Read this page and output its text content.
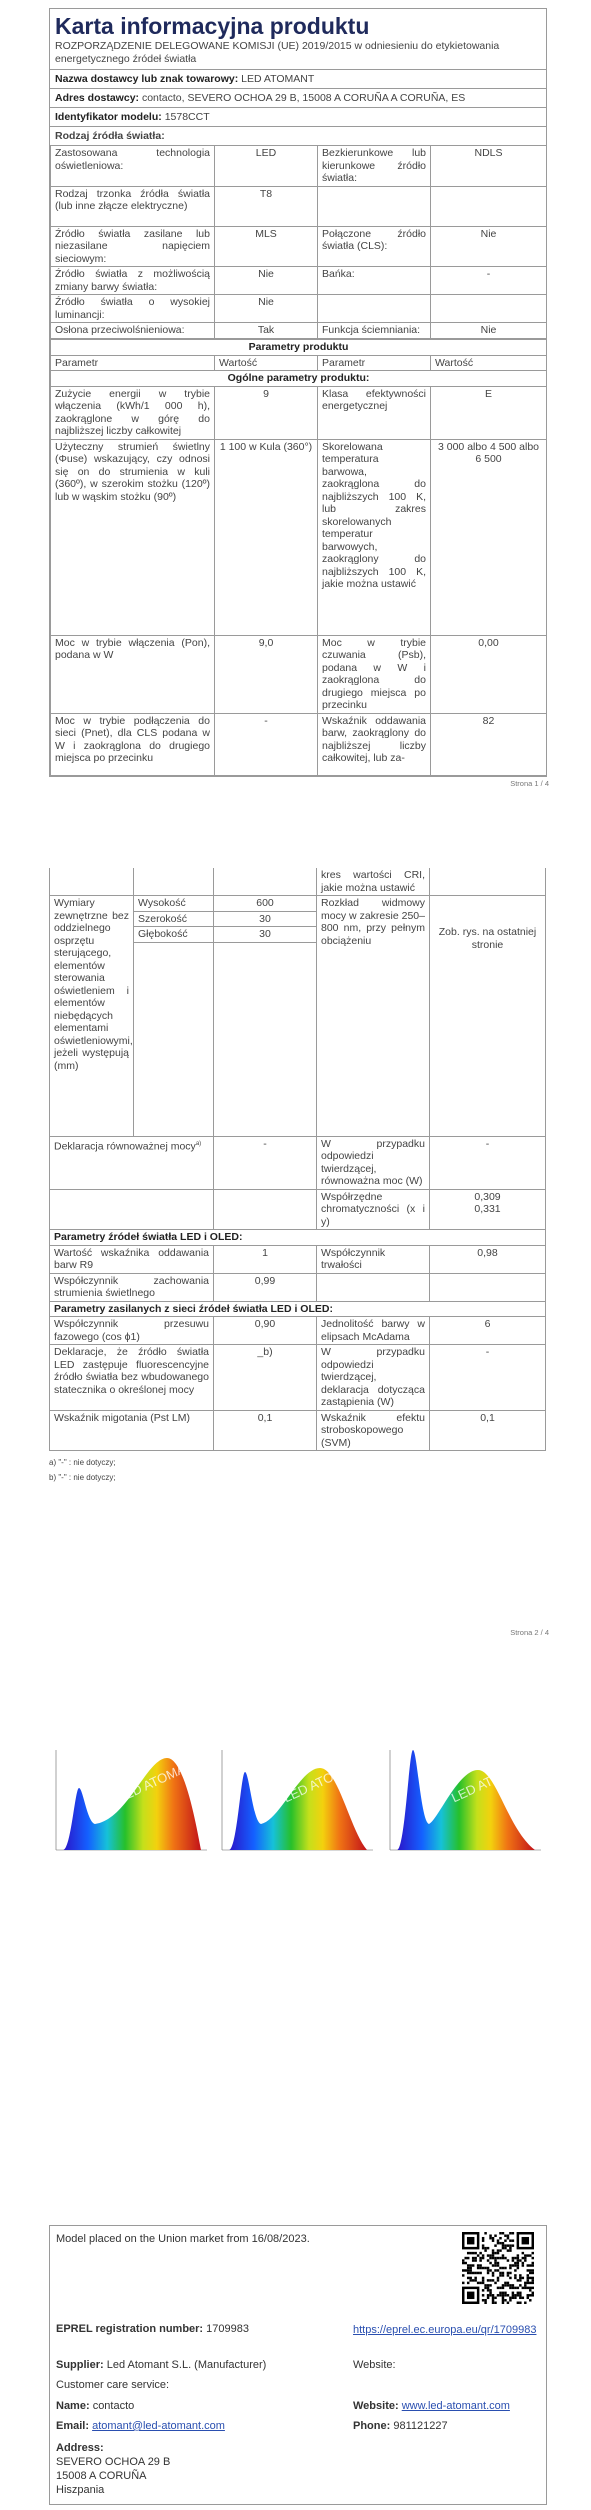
Karta informacyjna produktu
ROZPORZĄDZENIE DELEGOWANE KOMISJI (UE) 2019/2015 w odniesieniu do etykietowania energetycznego źródeł światła
Nazwa dostawcy lub znak towarowy: LED ATOMANT
Adres dostawcy: contacto, SEVERO OCHOA 29 B, 15008 A CORUÑA A CORUÑA, ES
Identyfikator modelu: 1578CCT
Rodzaj źródła światła:
Zastosowana technologia oświetleniowa:	LED	Bezkierunkowe lub kierunkowe źródło światła:	NDLS
Rodzaj trzonka źródła światła (lub inne złącze elektryczne)	T8		
Źródło światła zasilane lub niezasilane napięciem sieciowym:	MLS	Połączone źródło światła (CLS):	Nie
Źródło światła z możliwością zmiany barwy światła:	Nie	Bańka:	-
Źródło światła o wysokiej luminancji:	Nie		
Osłona przeciwolśnieniowa:	Tak	Funkcja ściemniania:	Nie
Parametry produktu			
Parametr	Wartość	Parametr	Wartość
Ogólne parametry produktu:			
Zużycie energii w trybie włączenia (kWh/1 000 h), zaokrąglone w górę do najbliższej liczby całkowitej	9	Klasa efektywności energetycznej	E
Użyteczny strumień świetlny (Φuse) wskazujący, czy odnosi się on do strumienia w kuli (360º), w szerokim stożku (120º) lub w wąskim stożku (90º)	1 100 w Kula (360°)	Skorelowana temperatura barwowa, zaokrąglona do najbliższych 100 K, lub zakres skorelowanych temperatur barwowych, zaokrąglony do najbliższych 100 K, jakie można ustawić	3 000 albo 4 500 albo 6 500
Moc w trybie włączenia (Pon), podana w W	9,0	Moc w trybie czuwania (Psb), podana w W i zaokrąglona do drugiego miejsca po przecinku	0,00
Moc w trybie podłączenia do sieci (Pnet), dla CLS podana w W i zaokrąglona do drugiego miejsca po przecinku	-	Wskaźnik oddawania barw, zaokrąglony do najbliższej liczby całkowitej, lub za-	82
Strona 1 / 4
			kres wartości CRI, jakie można ustawić	
Wymiary zewnętrzne bez oddzielnego osprzętu sterującego, elementów sterowania oświetleniem i elementów niebędących elementami oświetleniowymi, jeżeli występują (mm)	Wysokość	600	Rozkład widmowy mocy w zakresie 250–800 nm, przy pełnym obciążeniu	Zob. rys. na ostatniej stronie
	Szerokość	30		
	Głębokość	30		

Deklaracja równoważnej mocy$^{a)}$		-	W przypadku odpowiedzi twierdzącej, równoważna moc (W)	-
			Współrzędne chromatyczności (x i y)	0,309
0,331

Parametry źródeł światła LED i OLED:				
Wartość wskaźnika oddawania barw R9		1	Współczynnik trwałości	0,98
Współczynnik zachowania strumienia świetlnego		0,99		
Parametry zasilanych z sieci źródeł światła LED i OLED:				
Współczynnik przesuwu fazowego (cos ϕ1)		0,90	Jednolitość barwy w elipsach McAdama	6
Deklaracje, że źródło światła LED zastępuje fluorescencyjne źródło światła bez wbudowanego statecznika o określonej mocy		_b)	W przypadku odpowiedzi twierdzącej, deklaracja dotycząca zastąpienia (W)	-
Wskaźnik migotania (Pst LM)		0,1	Wskaźnik efektu stroboskopowego (SVM)	0,1
a) "-" : nie dotyczy;
b) "-" : nie dotyczy;
Strona 2 / 4
LED ATOMANT	LED ATOMANT	LED ATOMANT
Model placed on the Union market from 16/08/2023.
EPREL registration number: 1709983	https://eprel.ec.europa.eu/qr/1709983
Supplier: Led Atomant S.L. (Manufacturer)	Website:
Customer care service:
Name: contacto	Website: www.led-atomant.com
Email: atomant@led-atomant.com	Phone: 981121227
Address:
SEVERO OCHOA 29 B
15008 A CORUÑA
Hiszpania
